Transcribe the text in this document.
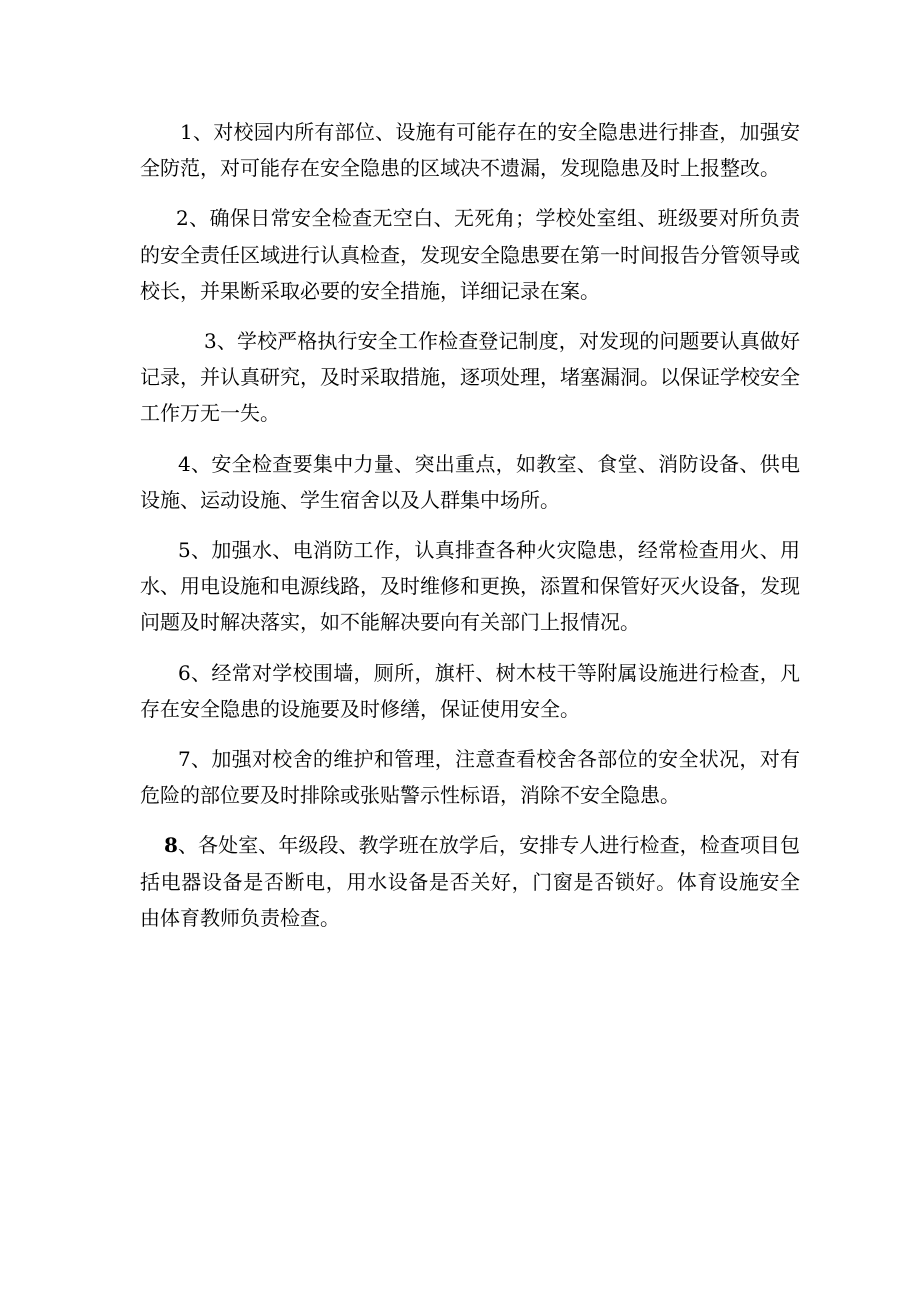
1、对校园内所有部位、设施有可能存在的安全隐患进行排查，加强安全防范，对可能存在安全隐患的区域决不遗漏，发现隐患及时上报整改。

2、确保日常安全检查无空白、无死角；学校处室组、班级要对所负责的安全责任区域进行认真检查，发现安全隐患要在第一时间报告分管领导或校长，并果断采取必要的安全措施，详细记录在案。

3、学校严格执行安全工作检查登记制度，对发现的问题要认真做好记录，并认真研究，及时采取措施，逐项处理，堵塞漏洞。以保证学校安全工作万无一失。

4、安全检查要集中力量、突出重点，如教室、食堂、消防设备、供电设施、运动设施、学生宿舍以及人群集中场所。

5、加强水、电消防工作，认真排查各种火灾隐患，经常检查用火、用水、用电设施和电源线路，及时维修和更换，添置和保管好灭火设备，发现问题及时解决落实，如不能解决要向有关部门上报情况。

6、经常对学校围墙，厕所，旗杆、树木枝干等附属设施进行检查，凡存在安全隐患的设施要及时修缮，保证使用安全。

7、加强对校舍的维护和管理，注意查看校舍各部位的安全状况，对有危险的部位要及时排除或张贴警示性标语，消除不安全隐患。

8、各处室、年级段、教学班在放学后，安排专人进行检查，检查项目包括电器设备是否断电，用水设备是否关好，门窗是否锁好。体育设施安全　由体育教师负责检查。
